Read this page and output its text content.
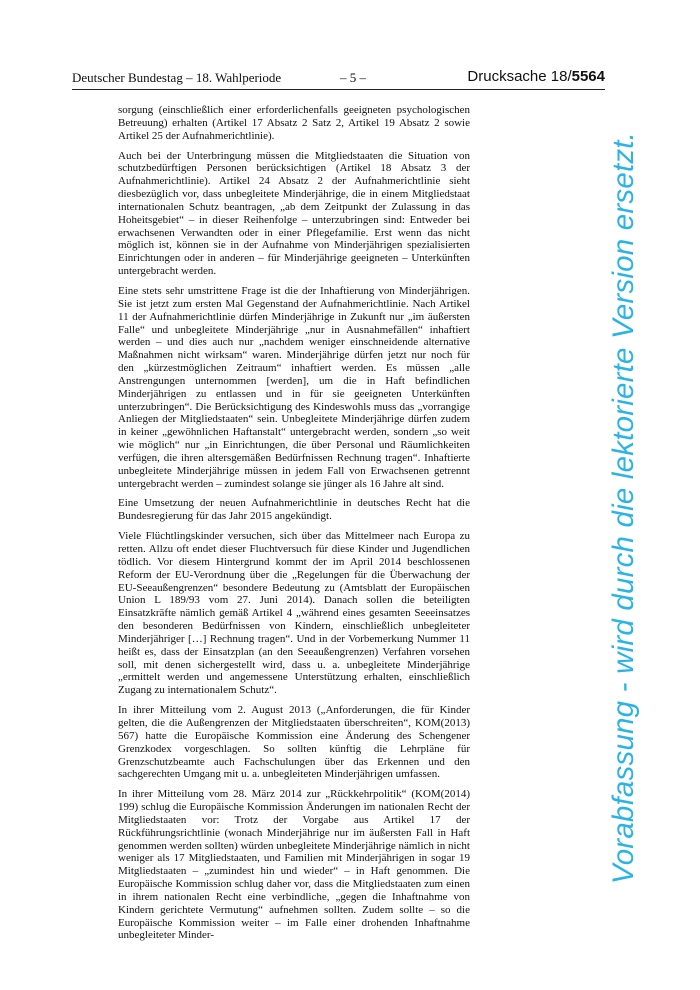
Deutscher Bundestag – 18. Wahlperiode	– 5 –	Drucksache 18/5564

sorgung (einschließlich einer erforderlichenfalls geeigneten psychologischen Betreuung) erhalten (Artikel 17 Absatz 2 Satz 2, Artikel 19 Absatz 2 sowie Artikel 25 der Aufnahmerichtlinie).

Auch bei der Unterbringung müssen die Mitgliedstaaten die Situation von schutzbedürftigen Personen berücksichtigen (Artikel 18 Absatz 3 der Aufnahmerichtlinie). Artikel 24 Absatz 2 der Aufnahmerichtlinie sieht diesbezüglich vor, dass unbegleitete Minderjährige, die in einem Mitgliedstaat internationalen Schutz beantragen, „ab dem Zeitpunkt der Zulassung in das Hoheitsgebiet“ – in dieser Reihenfolge – unterzubringen sind: Entweder bei erwachsenen Verwandten oder in einer Pflegefamilie. Erst wenn das nicht möglich ist, können sie in der Aufnahme von Minderjährigen spezialisierten Einrichtungen oder in anderen – für Minderjährige geeigneten – Unterkünften untergebracht werden.

Eine stets sehr umstrittene Frage ist die der Inhaftierung von Minderjährigen. Sie ist jetzt zum ersten Mal Gegenstand der Aufnahmerichtlinie. Nach Artikel 11 der Aufnahmerichtlinie dürfen Minderjährige in Zukunft nur „im äußersten Falle“ und unbegleitete Minderjährige „nur in Ausnahmefällen“ inhaftiert werden – und dies auch nur „nachdem weniger einschneidende alternative Maßnahmen nicht wirksam“ waren. Minderjährige dürfen jetzt nur noch für den „kürzestmöglichen Zeitraum“ inhaftiert werden. Es müssen „alle Anstrengungen unternommen [werden], um die in Haft befindlichen Minderjährigen zu entlassen und in für sie geeigneten Unterkünften unterzubringen“. Die Berücksichtigung des Kindeswohls muss das „vorrangige Anliegen der Mitgliedstaaten“ sein. Unbegleitete Minderjährige dürfen zudem in keiner „gewöhnlichen Haftanstalt“ untergebracht werden, sondern „so weit wie möglich“ nur „in Einrichtungen, die über Personal und Räumlichkeiten verfügen, die ihren altersgemäßen Bedürfnissen Rechnung tragen“. Inhaftierte unbegleitete Minderjährige müssen in jedem Fall von Erwachsenen getrennt untergebracht werden – zumindest solange sie jünger als 16 Jahre alt sind.

Eine Umsetzung der neuen Aufnahmerichtlinie in deutsches Recht hat die Bundesregierung für das Jahr 2015 angekündigt.

Viele Flüchtlingskinder versuchen, sich über das Mittelmeer nach Europa zu retten. Allzu oft endet dieser Fluchtversuch für diese Kinder und Jugendlichen tödlich. Vor diesem Hintergrund kommt der im April 2014 beschlossenen Reform der EU-Verordnung über die „Regelungen für die Überwachung der EU-Seeaußengrenzen“ besondere Bedeutung zu (Amtsblatt der Europäischen Union L 189/93 vom 27. Juni 2014). Danach sollen die beteiligten Einsatzkräfte nämlich gemäß Artikel 4 „während eines gesamten Seeeinsatzes den besonderen Bedürfnissen von Kindern, einschließlich unbegleiteter Minderjähriger […] Rechnung tragen“. Und in der Vorbemerkung Nummer 11 heißt es, dass der Einsatzplan (an den Seeaußengrenzen) Verfahren vorsehen soll, mit denen sichergestellt wird, dass u. a. unbegleitete Minderjährige „ermittelt werden und angemessene Unterstützung erhalten, einschließlich Zugang zu internationalem Schutz“.

In ihrer Mitteilung vom 2. August 2013 („Anforderungen, die für Kinder gelten, die die Außengrenzen der Mitgliedstaaten überschreiten“, KOM(2013) 567) hatte die Europäische Kommission eine Änderung des Schengener Grenzkodex vorgeschlagen. So sollten künftig die Lehrpläne für Grenzschutzbeamte auch Fachschulungen über das Erkennen und den sachgerechten Umgang mit u. a. unbegleiteten Minderjährigen umfassen.

In ihrer Mitteilung vom 28. März 2014 zur „Rückkehrpolitik“ (KOM(2014) 199) schlug die Europäische Kommission Änderungen im nationalen Recht der Mitgliedstaaten vor: Trotz der Vorgabe aus Artikel 17 der Rückführungsrichtlinie (wonach Minderjährige nur im äußersten Fall in Haft genommen werden sollten) würden unbegleitete Minderjährige nämlich in nicht weniger als 17 Mitgliedstaaten, und Familien mit Minderjährigen in sogar 19 Mitgliedstaaten – „zumindest hin und wieder“ – in Haft genommen. Die Europäische Kommission schlug daher vor, dass die Mitgliedstaaten zum einen in ihrem nationalen Recht eine verbindliche, „gegen die Inhaftnahme von Kindern gerichtete Vermutung“ aufnehmen sollten. Zudem sollte – so die Europäische Kommission weiter – im Falle einer drohenden Inhaftnahme unbegleiteter Minder-

Vorabfassung - wird durch die lektorierte Version ersetzt.
